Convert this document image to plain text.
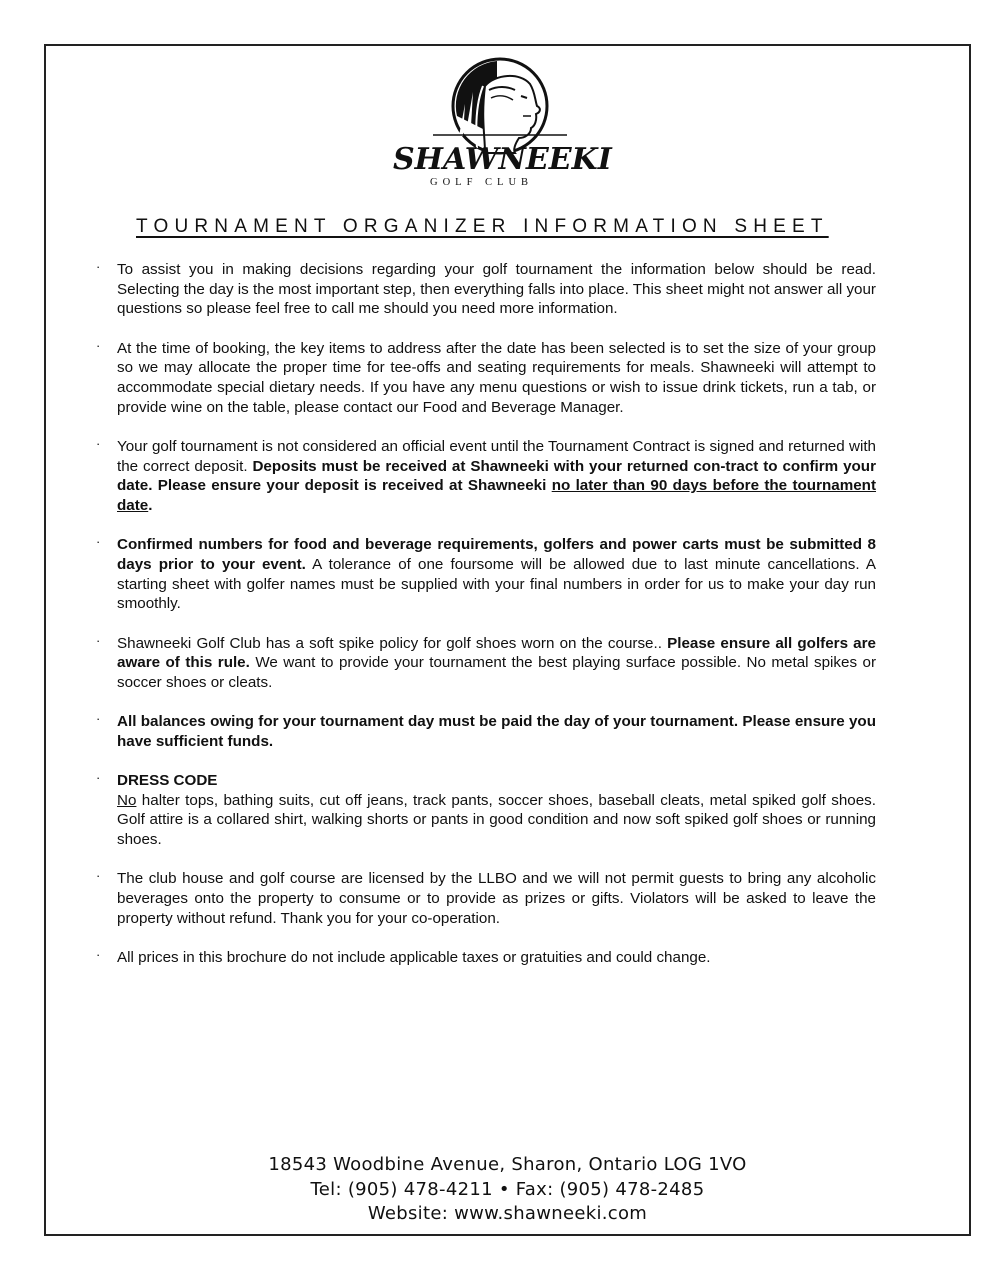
SHAWNEEKI
GOLF CLUB
TOURNAMENT ORGANIZER INFORMATION SHEET
· To assist you in making decisions regarding your golf tournament the information below should be read. Selecting the day is the most important step, then everything falls into place. This sheet might not answer all your questions so please feel free to call me should you need more information.
· At the time of booking, the key items to address after the date has been selected is to set the size of your group so we may allocate the proper time for tee-offs and seating requirements for meals. Shawneeki will attempt to accommodate special dietary needs. If you have any menu questions or wish to issue drink tickets, run a tab, or provide wine on the table, please contact our Food and Beverage Manager.
· Your golf tournament is not considered an official event until the Tournament Contract is signed and returned with the correct deposit. Deposits must be received at Shawneeki with your returned con-tract to confirm your date. Please ensure your deposit is received at Shawneeki no later than 90 days before the tournament date.
· Confirmed numbers for food and beverage requirements, golfers and power carts must be submitted 8 days prior to your event. A tolerance of one foursome will be allowed due to last minute cancellations. A starting sheet with golfer names must be supplied with your final numbers in order for us to make your day run smoothly.
· Shawneeki Golf Club has a soft spike policy for golf shoes worn on the course.. Please ensure all golfers are aware of this rule. We want to provide your tournament the best playing surface possible. No metal spikes or soccer shoes or cleats.
· All balances owing for your tournament day must be paid the day of your tournament. Please ensure you have sufficient funds.
· DRESS CODE
No halter tops, bathing suits, cut off jeans, track pants, soccer shoes, baseball cleats, metal spiked golf shoes. Golf attire is a collared shirt, walking shorts or pants in good condition and now soft spiked golf shoes or running shoes.
· The club house and golf course are licensed by the LLBO and we will not permit guests to bring any alcoholic beverages onto the property to consume or to provide as prizes or gifts. Violators will be asked to leave the property without refund. Thank you for your co-operation.
· All prices in this brochure do not include applicable taxes or gratuities and could change.
18543 Woodbine Avenue, Sharon, Ontario LOG 1VO
Tel: (905) 478-4211 • Fax: (905) 478-2485
Website: www.shawneeki.com
